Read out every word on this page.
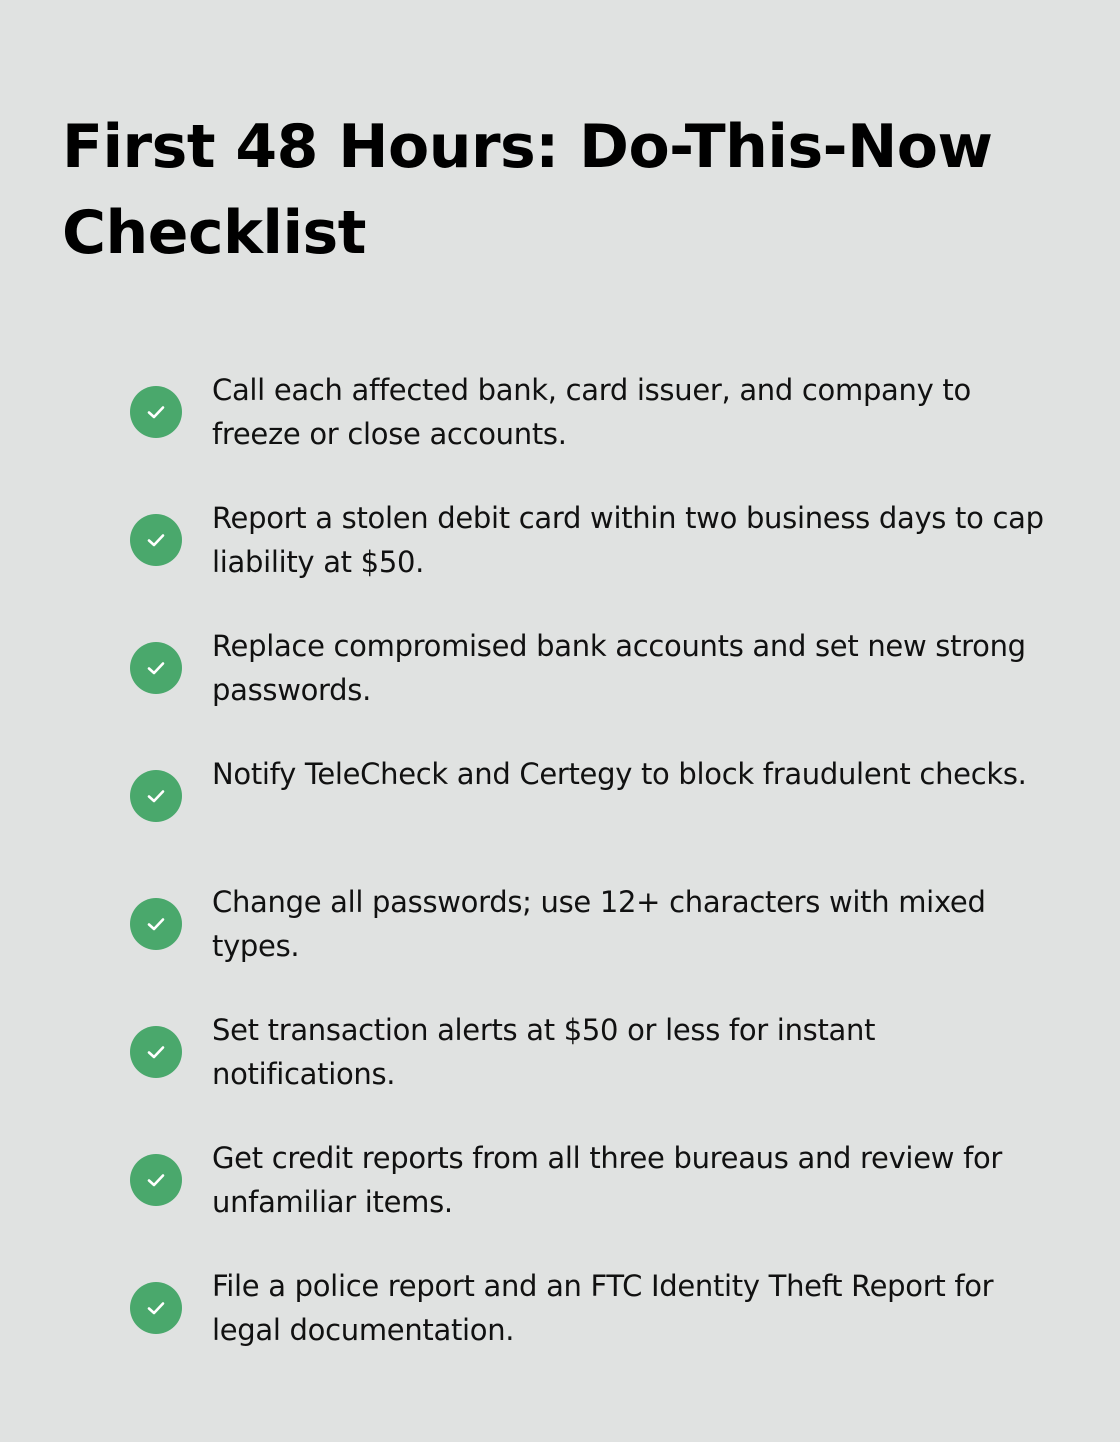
First 48 Hours: Do-This-Now Checklist
Call each affected bank, card issuer, and company to freeze or close accounts.
Report a stolen debit card within two business days to cap liability at $50.
Replace compromised bank accounts and set new strong passwords.
Notify TeleCheck and Certegy to block fraudulent checks.
Change all passwords; use 12+ characters with mixed types.
Set transaction alerts at $50 or less for instant notifications.
Get credit reports from all three bureaus and review for unfamiliar items.
File a police report and an FTC Identity Theft Report for legal documentation.
